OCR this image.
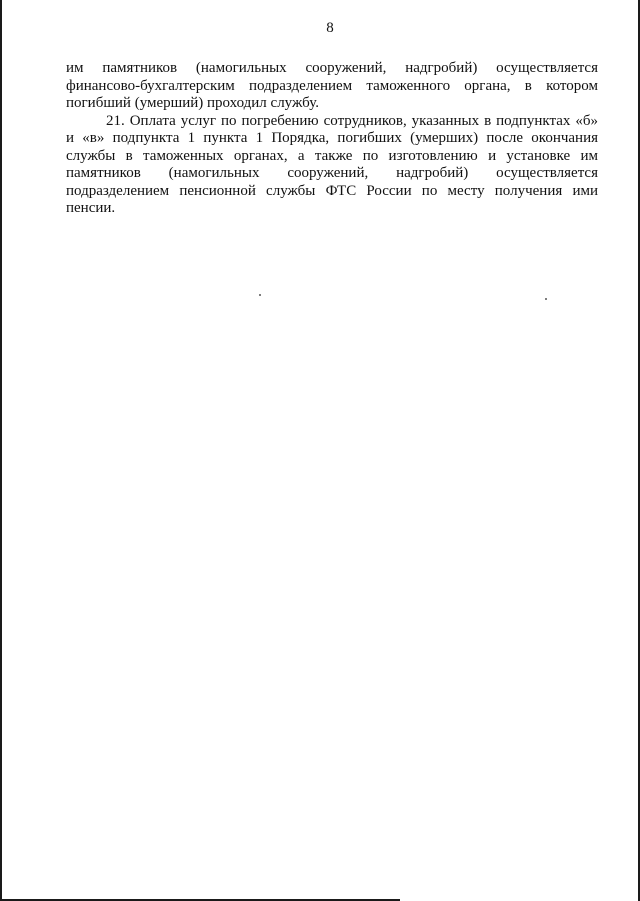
8

им памятников (намогильных сооружений, надгробий) осуществляется финансово-бухгалтерским подразделением таможенного органа, в котором погибший (умерший) проходил службу.

21. Оплата услуг по погребению сотрудников, указанных в подпунктах «б» и «в» подпункта 1 пункта 1 Порядка, погибших (умерших) после окончания службы в таможенных органах, а также по изготовлению и установке им памятников (намогильных сооружений, надгробий) осуществляется подразделением пенсионной службы ФТС России по месту получения ими пенсии.
